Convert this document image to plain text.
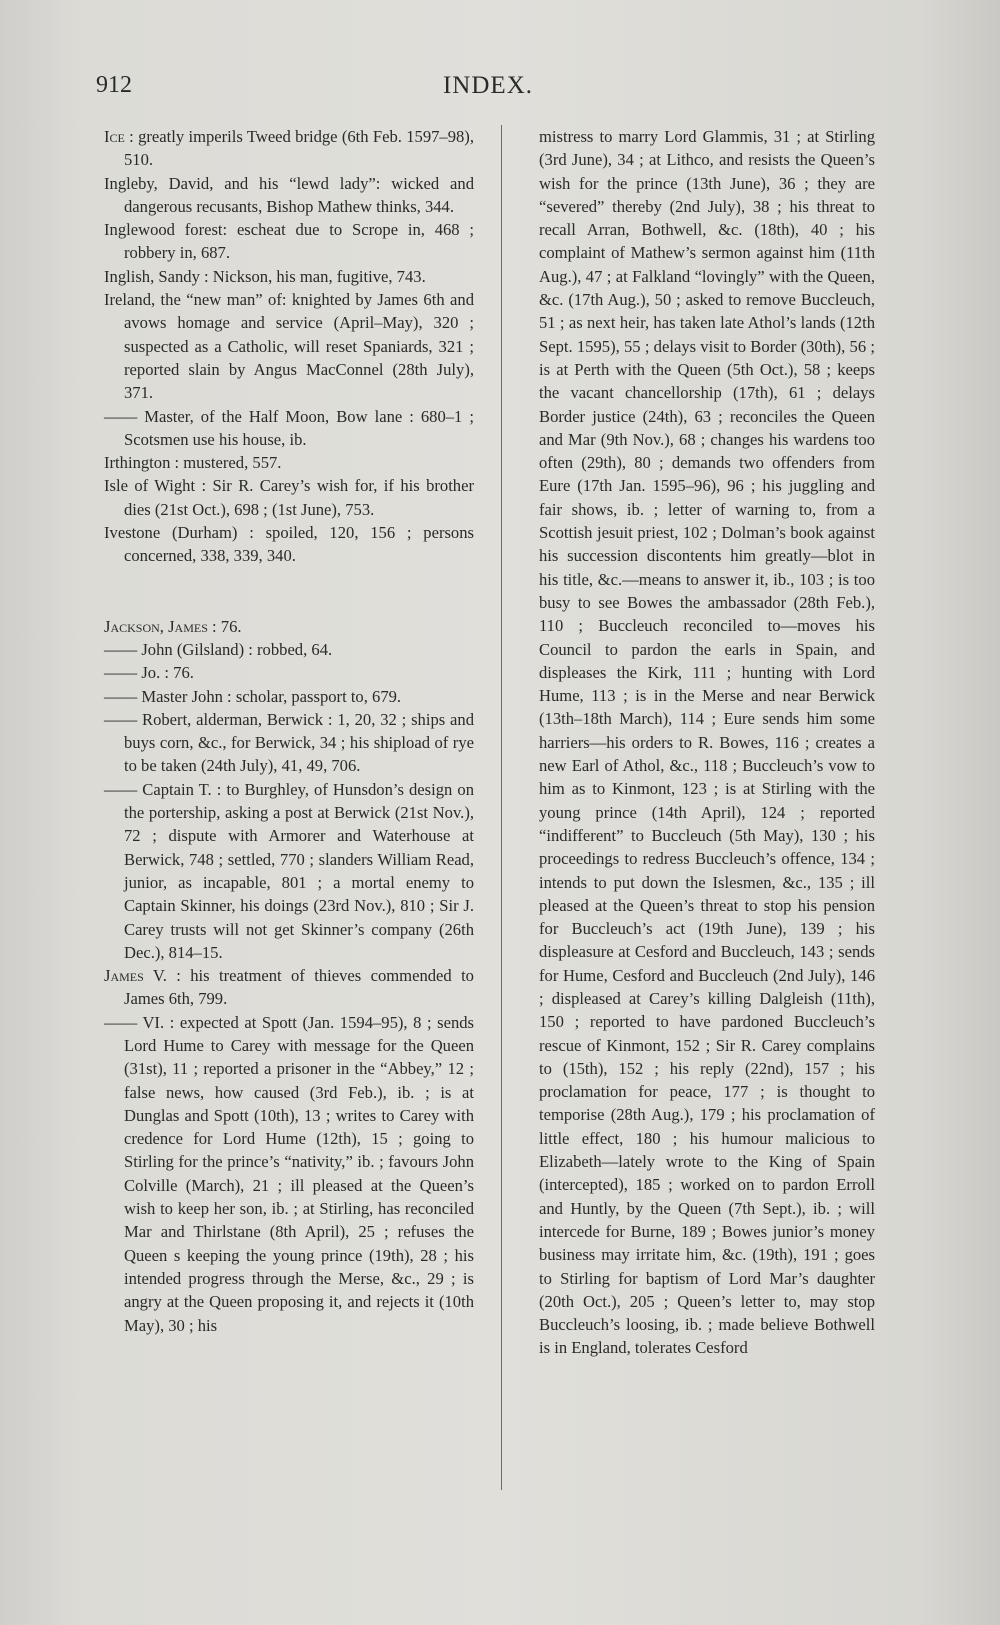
912	INDEX.

Ice : greatly imperils Tweed bridge (6th Feb. 1597–98), 510.

Ingleby, David, and his “lewd lady”: wicked and dangerous recusants, Bishop Mathew thinks, 344.

Inglewood forest: escheat due to Scrope in, 468 ; robbery in, 687.

Inglish, Sandy : Nickson, his man, fugitive, 743.

Ireland, the “new man” of: knighted by James 6th and avows homage and service (April–May), 320 ; suspected as a Catholic, will reset Spaniards, 321 ; reported slain by Angus MacConnel (28th July), 371.

—— Master, of the Half Moon, Bow lane : 680–1 ; Scotsmen use his house, ib.

Irthington : mustered, 557.

Isle of Wight : Sir R. Carey’s wish for, if his brother dies (21st Oct.), 698 ; (1st June), 753.

Ivestone (Durham) : spoiled, 120, 156 ; persons concerned, 338, 339, 340.

Jackson, James : 76.

—— John (Gilsland) : robbed, 64.

—— Jo. : 76.

—— Master John : scholar, passport to, 679.

—— Robert, alderman, Berwick : 1, 20, 32 ; ships and buys corn, &c., for Berwick, 34 ; his shipload of rye to be taken (24th July), 41, 49, 706.

—— Captain T. : to Burghley, of Hunsdon’s design on the portership, asking a post at Berwick (21st Nov.), 72 ; dispute with Armorer and Waterhouse at Berwick, 748 ; settled, 770 ; slanders William Read, junior, as incapable, 801 ; a mortal enemy to Captain Skinner, his doings (23rd Nov.), 810 ; Sir J. Carey trusts will not get Skinner’s company (26th Dec.), 814–15.

James V. : his treatment of thieves commended to James 6th, 799.

—— VI. : expected at Spott (Jan. 1594–95), 8 ; sends Lord Hume to Carey with message for the Queen (31st), 11 ; reported a prisoner in the “Abbey,” 12 ; false news, how caused (3rd Feb.), ib. ; is at Dunglas and Spott (10th), 13 ; writes to Carey with credence for Lord Hume (12th), 15 ; going to Stirling for the prince’s “nativity,” ib. ; favours John Colville (March), 21 ; ill pleased at the Queen’s wish to keep her son, ib. ; at Stirling, has reconciled Mar and Thirlstane (8th April), 25 ; refuses the Queen s keeping the young prince (19th), 28 ; his intended progress through the Merse, &c., 29 ; is angry at the Queen proposing it, and rejects it (10th May), 30 ; his

mistress to marry Lord Glammis, 31 ; at Stirling (3rd June), 34 ; at Lithco, and resists the Queen’s wish for the prince (13th June), 36 ; they are “severed” thereby (2nd July), 38 ; his threat to recall Arran, Bothwell, &c. (18th), 40 ; his complaint of Mathew’s sermon against him (11th Aug.), 47 ; at Falkland “lovingly” with the Queen, &c. (17th Aug.), 50 ; asked to remove Buccleuch, 51 ; as next heir, has taken late Athol’s lands (12th Sept. 1595), 55 ; delays visit to Border (30th), 56 ; is at Perth with the Queen (5th Oct.), 58 ; keeps the vacant chancellorship (17th), 61 ; delays Border justice (24th), 63 ; reconciles the Queen and Mar (9th Nov.), 68 ; changes his wardens too often (29th), 80 ; demands two offenders from Eure (17th Jan. 1595–96), 96 ; his juggling and fair shows, ib. ; letter of warning to, from a Scottish jesuit priest, 102 ; Dolman’s book against his succession discontents him greatly—blot in his title, &c.—means to answer it, ib., 103 ; is too busy to see Bowes the ambassador (28th Feb.), 110 ; Buccleuch reconciled to—moves his Council to pardon the earls in Spain, and displeases the Kirk, 111 ; hunting with Lord Hume, 113 ; is in the Merse and near Berwick (13th–18th March), 114 ; Eure sends him some harriers—his orders to R. Bowes, 116 ; creates a new Earl of Athol, &c., 118 ; Buccleuch’s vow to him as to Kinmont, 123 ; is at Stirling with the young prince (14th April), 124 ; reported “indifferent” to Buccleuch (5th May), 130 ; his proceedings to redress Buccleuch’s offence, 134 ; intends to put down the Islesmen, &c., 135 ; ill pleased at the Queen’s threat to stop his pension for Buccleuch’s act (19th June), 139 ; his displeasure at Cesford and Buccleuch, 143 ; sends for Hume, Cesford and Buccleuch (2nd July), 146 ; displeased at Carey’s killing Dalgleish (11th), 150 ; reported to have pardoned Buccleuch’s rescue of Kinmont, 152 ; Sir R. Carey complains to (15th), 152 ; his reply (22nd), 157 ; his proclamation for peace, 177 ; is thought to temporise (28th Aug.), 179 ; his proclamation of little effect, 180 ; his humour malicious to Elizabeth—lately wrote to the King of Spain (intercepted), 185 ; worked on to pardon Erroll and Huntly, by the Queen (7th Sept.), ib. ; will intercede for Burne, 189 ; Bowes junior’s money business may irritate him, &c. (19th), 191 ; goes to Stirling for baptism of Lord Mar’s daughter (20th Oct.), 205 ; Queen’s letter to, may stop Buccleuch’s loosing, ib. ; made believe Bothwell is in England, tolerates Cesford
